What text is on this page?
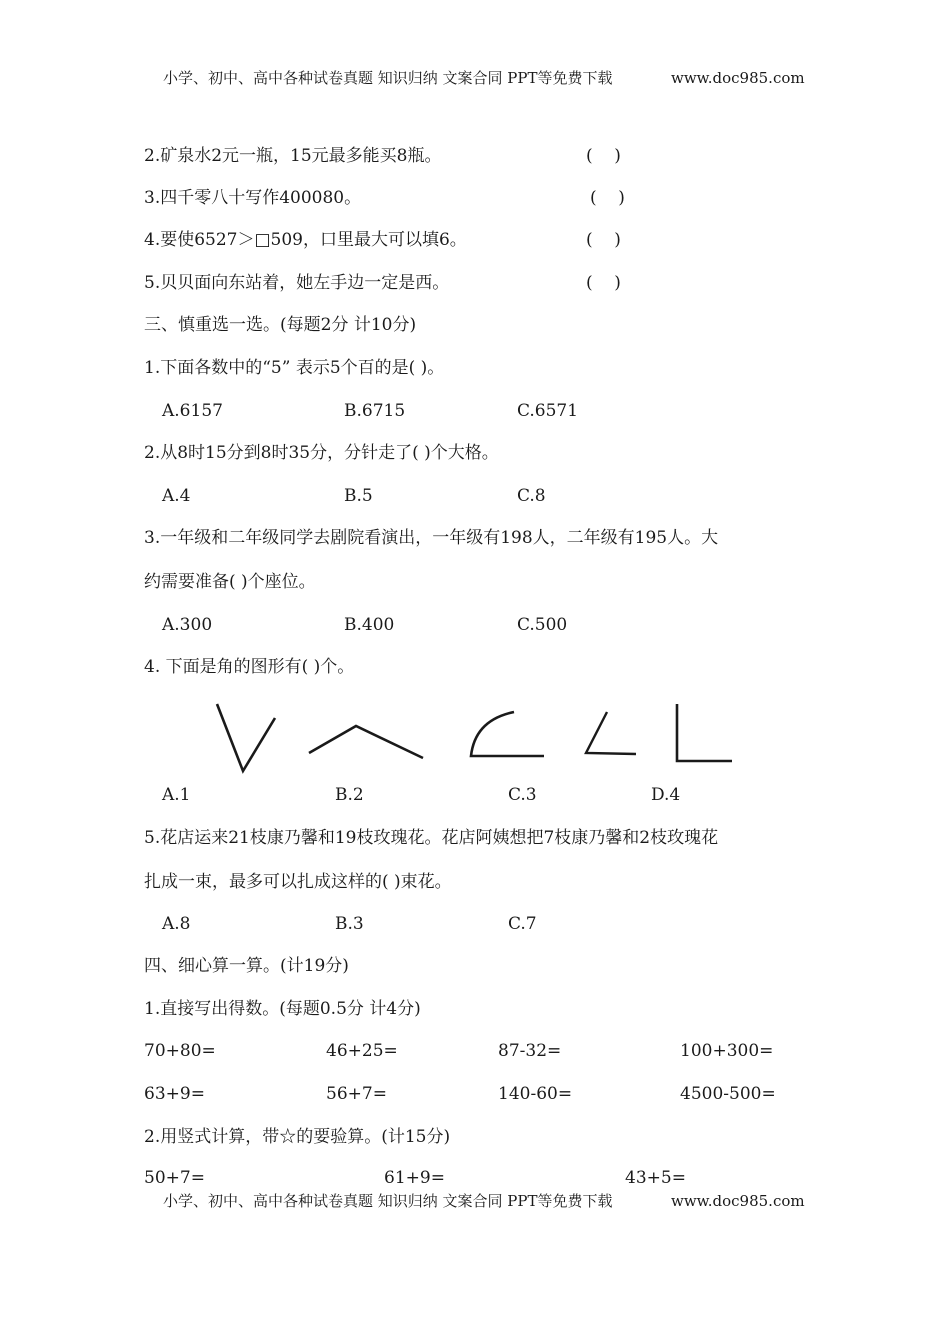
小学、初中、高中各种试卷真题 知识归纳 文案合同 PPT等免费下载	www.doc985.com
2.矿泉水2元一瓶，15元最多能买8瓶。	(    )
3.四千零八十写作400080。	(    )
4.要使6527＞□509，口里最大可以填6。	(    )
5.贝贝面向东站着，她左手边一定是西。	(    )
三、慎重选一选。(每题2分 计10分)
1.下面各数中的“5” 表示5个百的是( )。
A.6157	B.6715	C.6571
2.从8时15分到8时35分，分针走了( )个大格。
A.4	B.5	C.8
3.一年级和二年级同学去剧院看演出，一年级有198人，二年级有195人。大
约需要准备( )个座位。
A.300	B.400	C.500
4. 下面是角的图形有( )个。
A.1	B.2	C.3	D.4
5.花店运来21枝康乃馨和19枝玫瑰花。花店阿姨想把7枝康乃馨和2枝玫瑰花
扎成一束，最多可以扎成这样的( )束花。
A.8	B.3	C.7
四、细心算一算。(计19分)
1.直接写出得数。(每题0.5分 计4分)
70+80=	46+25=	87-32=	100+300=
63+9=	56+7=	140-60=	4500-500=
2.用竖式计算，带☆的要验算。(计15分)
50+7=	61+9=	43+5=
小学、初中、高中各种试卷真题 知识归纳 文案合同 PPT等免费下载	www.doc985.com
